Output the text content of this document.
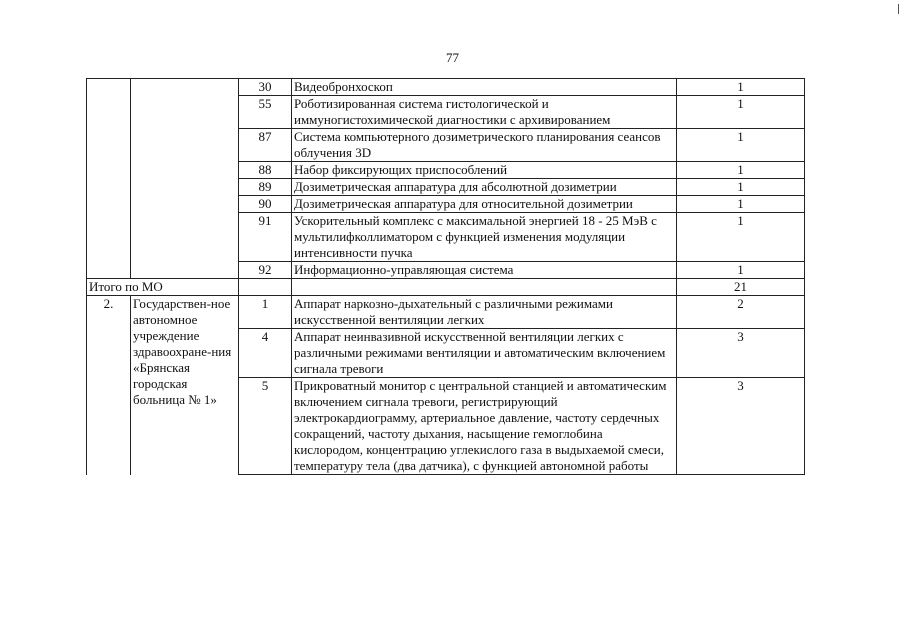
77
		30	Видеобронхоскоп	1
		55	Роботизированная система гистологической и иммуногистохимической диагностики с архивированием	1
		87	Система компьютерного дозиметрического планирования сеансов облучения 3D	1
		88	Набор фиксирующих приспособлений	1
		89	Дозиметрическая аппаратура для абсолютной дозиметрии	1
		90	Дозиметрическая аппаратура для относительной дозиметрии	1
		91	Ускорительный комплекс с максимальной энергией 18 - 25 МэВ с мультилифколлиматором с функцией изменения модуляции интенсивности пучка	1
		92	Информационно-управляющая система	1
Итого по МО				21
2.	Государствен-ное автономное учреждение здравоохране-ния «Брянская городская больница № 1»	1	Аппарат наркозно-дыхательный с различными режимами искусственной вентиляции легких	2
		4	Аппарат неинвазивной искусственной вентиляции легких с различными режимами вентиляции и автоматическим включением сигнала тревоги	3
		5	Прикроватный монитор с центральной станцией и автоматическим включением сигнала тревоги, регистрирующий электрокардиограмму, артериальное давление, частоту сердечных сокращений, частоту дыхания, насыщение гемоглобина кислородом, концентрацию углекислого газа в выдыхаемой смеси, температуру тела (два датчика), с функцией автономной работы	3
